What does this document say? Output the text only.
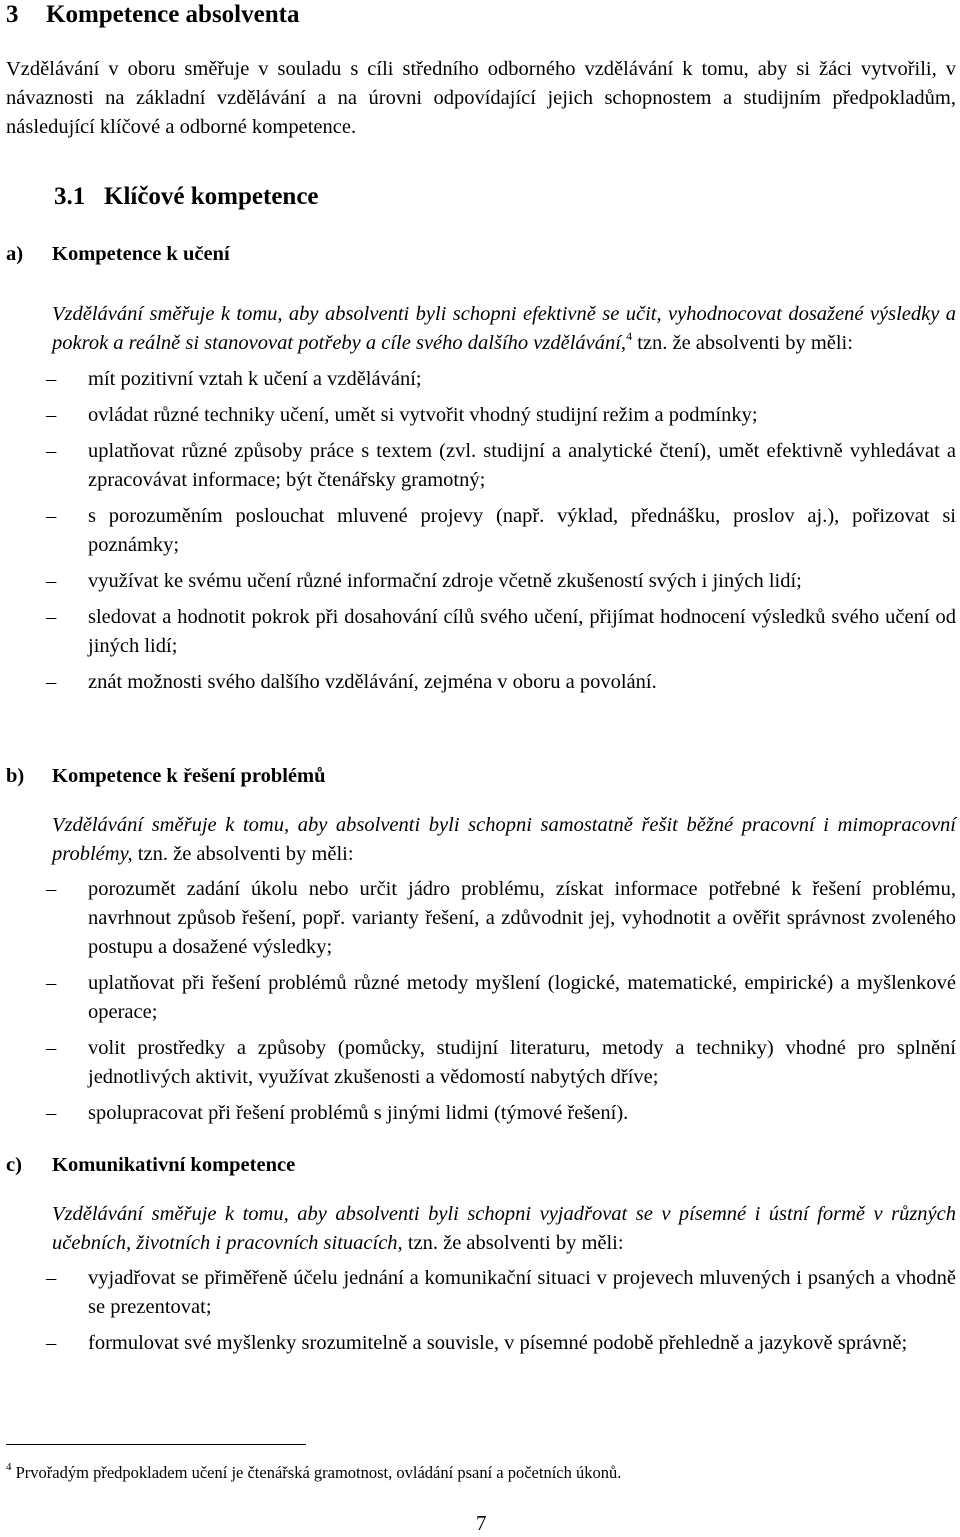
3 Kompetence absolventa

Vzdělávání v oboru směřuje v souladu s cíli středního odborného vzdělávání k tomu, aby si žáci vytvořili, v návaznosti na základní vzdělávání a na úrovni odpovídající jejich schopnostem a studijním předpokladům, následující klíčové a odborné kompetence.

3.1 Klíčové kompetence
a) Kompetence k učení

Vzdělávání směřuje k tomu, aby absolventi byli schopni efektivně se učit, vyhodnocovat dosažené výsledky a pokrok a reálně si stanovovat potřeby a cíle svého dalšího vzdělávání,$^4$ tzn. že absolventi by měli:

– mít pozitivní vztah k učení a vzdělávání;
– ovládat různé techniky učení, umět si vytvořit vhodný studijní režim a podmínky;
– uplatňovat různé způsoby práce s textem (zvl. studijní a analytické čtení), umět efektivně vyhledávat a zpracovávat informace; být čtenářsky gramotný;
– s porozuměním poslouchat mluvené projevy (např. výklad, přednášku, proslov aj.), pořizovat si poznámky;
– využívat ke svému učení různé informační zdroje včetně zkušeností svých i jiných lidí;
– sledovat a hodnotit pokrok při dosahování cílů svého učení, přijímat hodnocení výsledků svého učení od jiných lidí;
– znát možnosti svého dalšího vzdělávání, zejména v oboru a povolání.
b) Kompetence k řešení problémů

Vzdělávání směřuje k tomu, aby absolventi byli schopni samostatně řešit běžné pracovní i mimopracovní problémy, tzn. že absolventi by měli:

– porozumět zadání úkolu nebo určit jádro problému, získat informace potřebné k řešení problému, navrhnout způsob řešení, popř. varianty řešení, a zdůvodnit jej, vyhodnotit a ověřit správnost zvoleného postupu a dosažené výsledky;
– uplatňovat při řešení problémů různé metody myšlení (logické, matematické, empirické) a myšlenkové operace;
– volit prostředky a způsoby (pomůcky, studijní literaturu, metody a techniky) vhodné pro splnění jednotlivých aktivit, využívat zkušenosti a vědomostí nabytých dříve;
– spolupracovat při řešení problémů s jinými lidmi (týmové řešení).
c) Komunikativní kompetence

Vzdělávání směřuje k tomu, aby absolventi byli schopni vyjadřovat se v písemné i ústní formě v různých učebních, životních i pracovních situacích, tzn. že absolventi by měli:

– vyjadřovat se přiměřeně účelu jednání a komunikační situaci v projevech mluvených i psaných a vhodně se prezentovat;
– formulovat své myšlenky srozumitelně a souvisle, v písemné podobě přehledně a jazykově správně;
$^4$ Prvořadým předpokladem učení je čtenářská gramotnost, ovládání psaní a početních úkonů.
7
